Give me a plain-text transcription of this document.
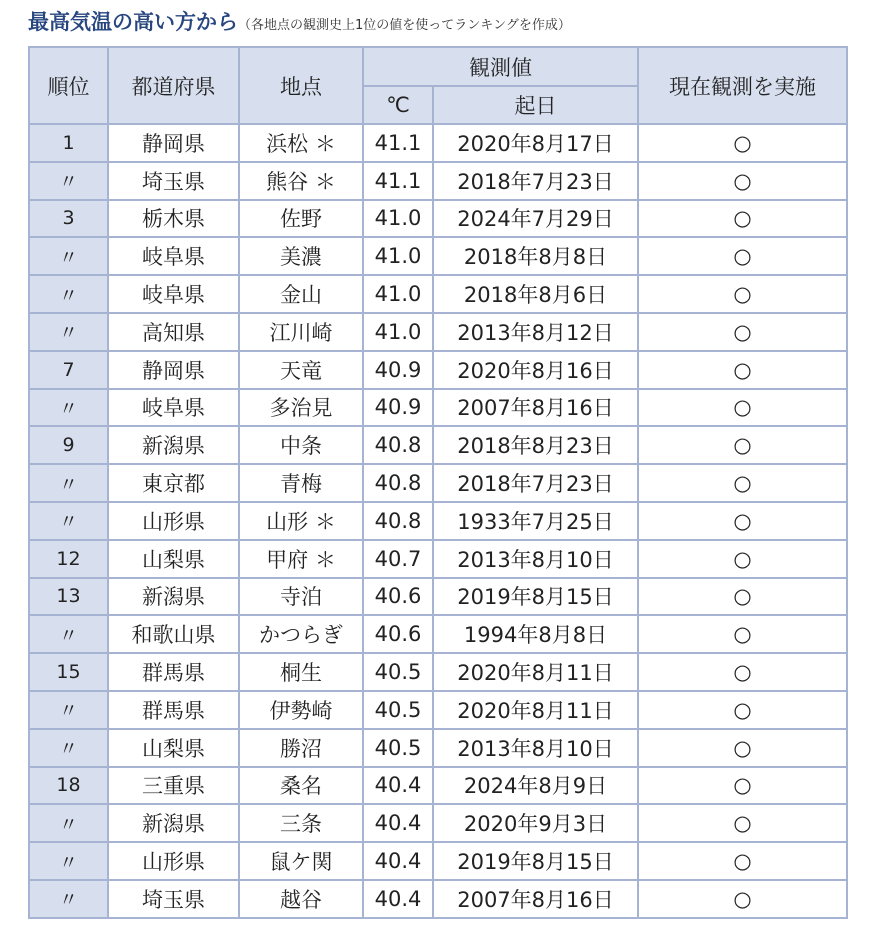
最高気温の高い方から（各地点の観測史上1位の値を使ってランキングを作成）
順位	都道府県	地点	観測値		現在観測を実施
			℃	起日	
1	静岡県	浜松 ＊	41.1	2020年8月17日	○
〃	埼玉県	熊谷 ＊	41.1	2018年7月23日	○
3	栃木県	佐野	41.0	2024年7月29日	○
〃	岐阜県	美濃	41.0	2018年8月8日	○
〃	岐阜県	金山	41.0	2018年8月6日	○
〃	高知県	江川崎	41.0	2013年8月12日	○
7	静岡県	天竜	40.9	2020年8月16日	○
〃	岐阜県	多治見	40.9	2007年8月16日	○
9	新潟県	中条	40.8	2018年8月23日	○
〃	東京都	青梅	40.8	2018年7月23日	○
〃	山形県	山形 ＊	40.8	1933年7月25日	○
12	山梨県	甲府 ＊	40.7	2013年8月10日	○
13	新潟県	寺泊	40.6	2019年8月15日	○
〃	和歌山県	かつらぎ	40.6	1994年8月8日	○
15	群馬県	桐生	40.5	2020年8月11日	○
〃	群馬県	伊勢崎	40.5	2020年8月11日	○
〃	山梨県	勝沼	40.5	2013年8月10日	○
18	三重県	桑名	40.4	2024年8月9日	○
〃	新潟県	三条	40.4	2020年9月3日	○
〃	山形県	鼠ケ関	40.4	2019年8月15日	○
〃	埼玉県	越谷	40.4	2007年8月16日	○
